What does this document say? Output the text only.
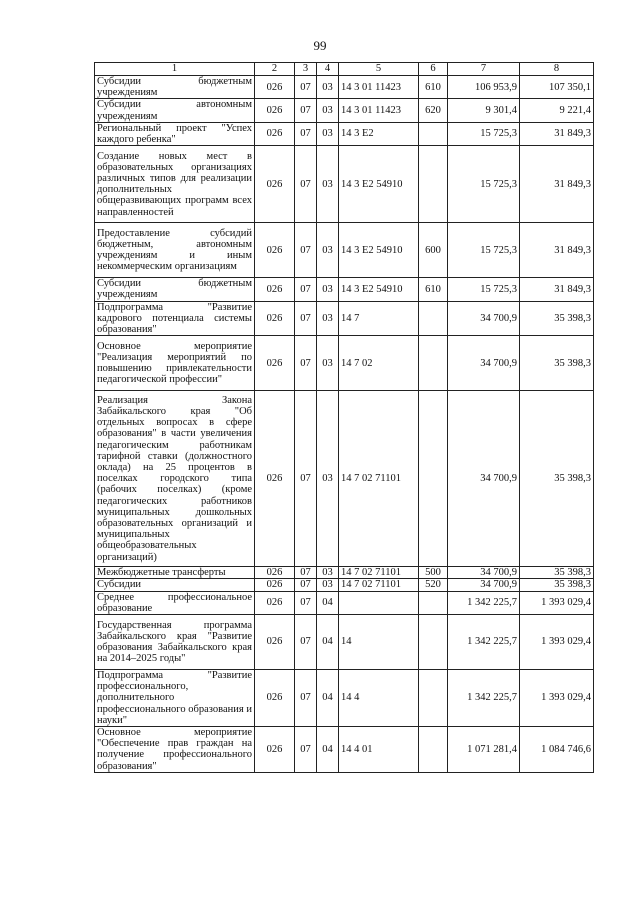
99
1	2	3	4	5	6	7	8
Субсидии бюджетным учреждениям	026	07	03	14 3 01 11423	610	106 953,9	107 350,1
Субсидии автономным учреждениям	026	07	03	14 3 01 11423	620	9 301,4	9 221,4
Региональный проект "Успех каждого ребенка"	026	07	03	14 3 E2		15 725,3	31 849,3
Создание новых мест в образовательных организациях различных типов для реализации дополнительных общеразвивающих программ всех направленностей	026	07	03	14 3 E2 54910		15 725,3	31 849,3
Предоставление субсидий бюджетным, автономным учреждениям и иным некоммерческим организациям	026	07	03	14 3 E2 54910	600	15 725,3	31 849,3
Субсидии бюджетным учреждениям	026	07	03	14 3 E2 54910	610	15 725,3	31 849,3
Подпрограмма "Развитие кадрового потенциала системы образования"	026	07	03	14 7		34 700,9	35 398,3
Основное мероприятие "Реализация мероприятий по повышению привлекательности педагогической профессии"	026	07	03	14 7 02		34 700,9	35 398,3
Реализация Закона Забайкальского края "Об отдельных вопросах в сфере образования" в части увеличения педагогическим работникам тарифной ставки (должностного оклада) на 25 процентов в поселках городского типа (рабочих поселках) (кроме педагогических работников муниципальных дошкольных образовательных организаций и муниципальных общеобразовательных организаций)	026	07	03	14 7 02 71101		34 700,9	35 398,3
Межбюджетные трансферты	026	07	03	14 7 02 71101	500	34 700,9	35 398,3
Субсидии	026	07	03	14 7 02 71101	520	34 700,9	35 398,3
Среднее профессиональное образование	026	07	04			1 342 225,7	1 393 029,4
Государственная программа Забайкальского края "Развитие образования Забайкальского края на 2014–2025 годы"	026	07	04	14		1 342 225,7	1 393 029,4
Подпрограмма "Развитие профессионального, дополнительного профессионального образования и науки"	026	07	04	14 4		1 342 225,7	1 393 029,4
Основное мероприятие "Обеспечение прав граждан на получение профессионального образования"	026	07	04	14 4 01		1 071 281,4	1 084 746,6
